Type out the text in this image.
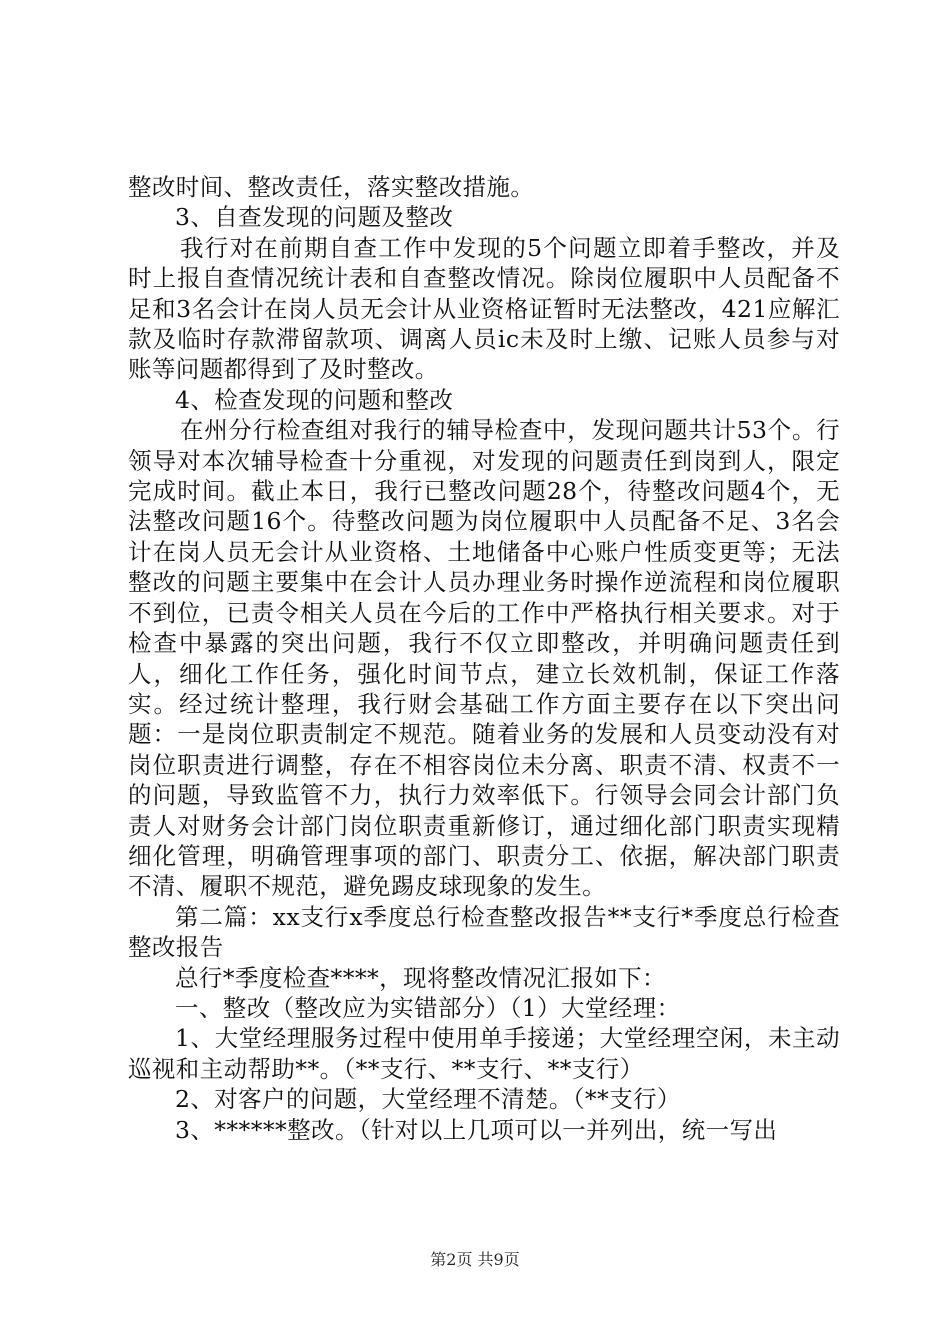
整改时间、整改责任，落实整改措施。

3、自查发现的问题及整改

我行对在前期自查工作中发现的5个问题立即着手整改，并及时上报自查情况统计表和自查整改情况。除岗位履职中人员配备不足和3名会计在岗人员无会计从业资格证暂时无法整改，421应解汇款及临时存款滞留款项、调离人员ic未及时上缴、记账人员参与对账等问题都得到了及时整改。

4、检查发现的问题和整改

在州分行检查组对我行的辅导检查中，发现问题共计53个。行领导对本次辅导检查十分重视，对发现的问题责任到岗到人，限定完成时间。截止本日，我行已整改问题28个，待整改问题4个，无法整改问题16个。待整改问题为岗位履职中人员配备不足、3名会计在岗人员无会计从业资格、土地储备中心账户性质变更等；无法整改的问题主要集中在会计人员办理业务时操作逆流程和岗位履职不到位，已责令相关人员在今后的工作中严格执行相关要求。对于检查中暴露的突出问题，我行不仅立即整改，并明确问题责任到人，细化工作任务，强化时间节点，建立长效机制，保证工作落实。经过统计整理，我行财会基础工作方面主要存在以下突出问题：一是岗位职责制定不规范。随着业务的发展和人员变动没有对岗位职责进行调整，存在不相容岗位未分离、职责不清、权责不一的问题，导致监管不力，执行力效率低下。行领导会同会计部门负责人对财务会计部门岗位职责重新修订，通过细化部门职责实现精细化管理，明确管理事项的部门、职责分工、依据，解决部门职责不清、履职不规范，避免踢皮球现象的发生。

第二篇：xx支行x季度总行检查整改报告**支行*季度总行检查整改报告

总行*季度检查****，现将整改情况汇报如下：

一、整改（整改应为实错部分）（1）大堂经理：

1、大堂经理服务过程中使用单手接递；大堂经理空闲，未主动巡视和主动帮助**。（**支行、**支行、**支行）

2、对客户的问题，大堂经理不清楚。（**支行）

3、******整改。（针对以上几项可以一并列出，统一写出

第2页 共9页
